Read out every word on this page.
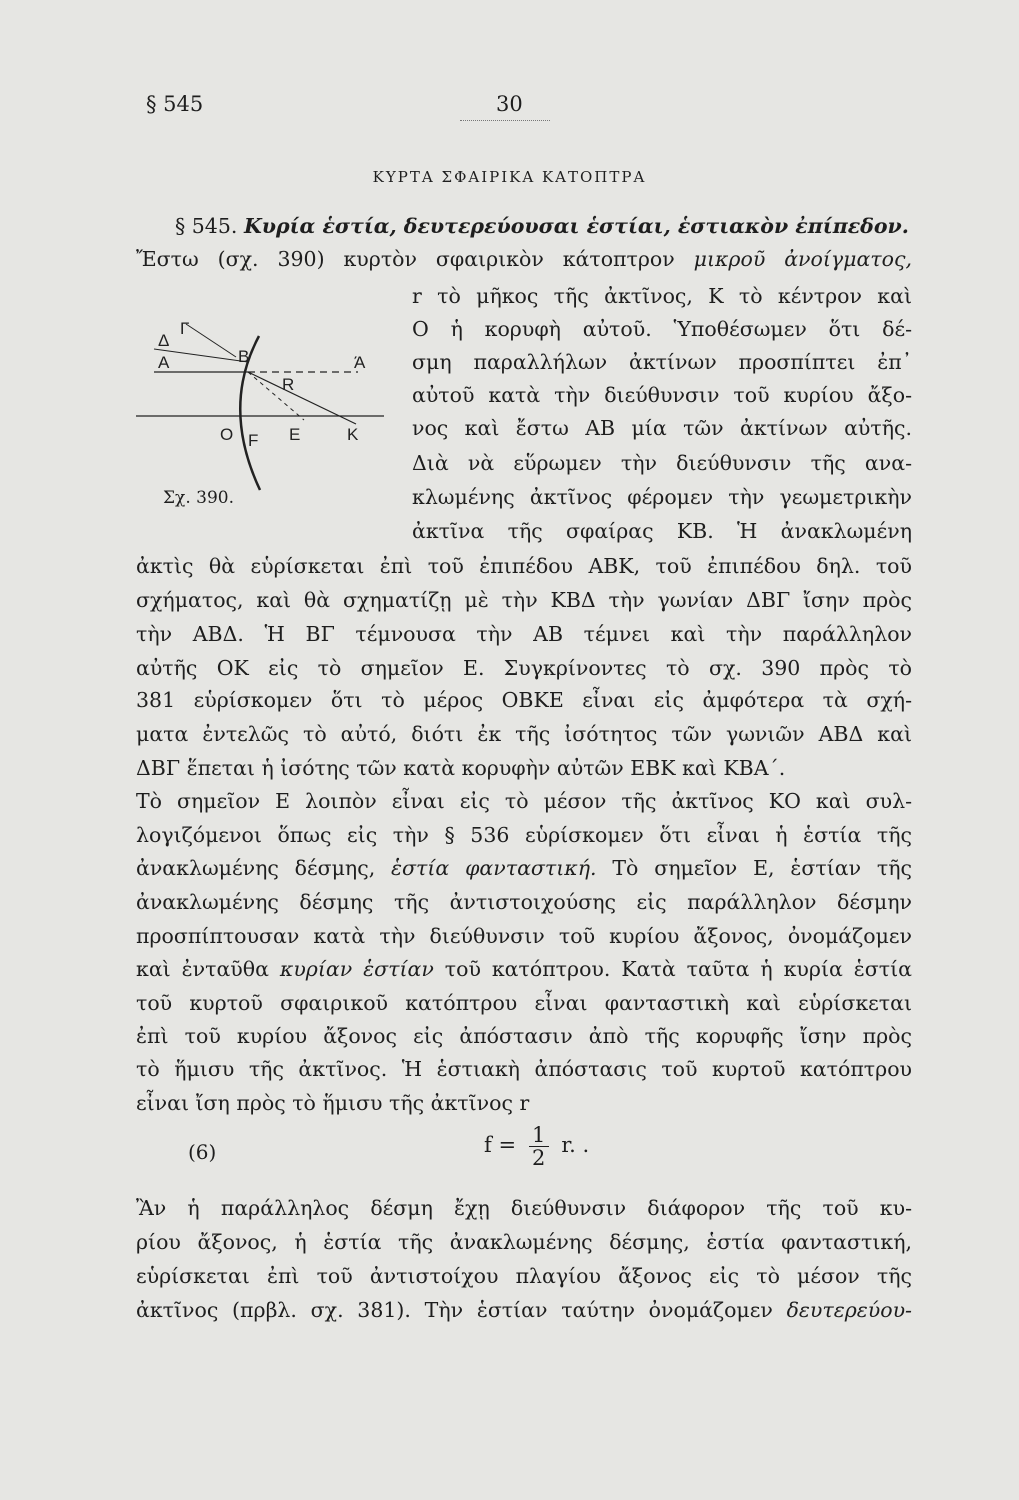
§ 545	30
ΚΥΡΤΑ ΣΦΑΙΡΙΚΑ ΚΑΤΟΠΤΡΑ
§ 545. Κυρία ἑστία, δευτερεύουσαι ἑστίαι, ἑστιακὸν ἐπίπεδον.
Ἔστω (σχ. 390) κυρτὸν σφαιρικὸν κάτοπτρον μικροῦ ἀνοίγματος,
r τὸ μῆκος τῆς ἀκτῖνος, Κ τὸ κέντρον καὶ
Ο ἡ κορυφὴ αὐτοῦ. Ὑποθέσωμεν ὅτι δέ-
σμη παραλλήλων ἀκτίνων προσπίπτει ἐπ᾿
αὐτοῦ κατὰ τὴν διεύθυνσιν τοῦ κυρίου ἄξο-
νος καὶ ἔστω ΑΒ μία τῶν ἀκτίνων αὐτῆς.
Διὰ νὰ εὕρωμεν τὴν διεύθυνσιν τῆς ανα-
κλωμένης ἀκτῖνος φέρομεν τὴν γεωμετρικὴν
ἀκτῖνα τῆς σφαίρας ΚΒ. Ἡ ἀνακλωμένη
Δ
Γ
Α	B	Ά
R
O F E	K
Σχ. 390.
ἀκτὶς θὰ εὑρίσκεται ἐπὶ τοῦ ἐπιπέδου ΑΒΚ, τοῦ ἐπιπέδου δηλ. τοῦ
σχήματος, καὶ θὰ σχηματίζῃ μὲ τὴν ΚΒΔ τὴν γωνίαν ΔΒΓ ἴσην πρὸς
τὴν ΑΒΔ. Ἡ ΒΓ τέμνουσα τὴν ΑΒ τέμνει καὶ τὴν παράλληλον
αὐτῆς ΟΚ εἰς τὸ σημεῖον Ε. Συγκρίνοντες τὸ σχ. 390 πρὸς τὸ
381 εὑρίσκομεν ὅτι τὸ μέρος ΟΒΚΕ εἶναι εἰς ἀμφότερα τὰ σχή-
ματα ἐντελῶς τὸ αὐτό, διότι ἐκ τῆς ἰσότητος τῶν γωνιῶν ΑΒΔ καὶ
ΔΒΓ ἕπεται ἡ ἰσότης τῶν κατὰ κορυφὴν αὐτῶν ΕΒΚ καὶ ΚΒΑ΄.
Τὸ σημεῖον Ε λοιπὸν εἶναι εἰς τὸ μέσον τῆς ἀκτῖνος ΚΟ καὶ συλ-
λογιζόμενοι ὅπως εἰς τὴν § 536 εὑρίσκομεν ὅτι εἶναι ἡ ἑστία τῆς
ἀνακλωμένης δέσμης, ἑστία φανταστική. Τὸ σημεῖον Ε, ἑστίαν τῆς
ἀνακλωμένης δέσμης τῆς ἀντιστοιχούσης εἰς παράλληλον δέσμην
προσπίπτουσαν κατὰ τὴν διεύθυνσιν τοῦ κυρίου ἄξονος, ὀνομάζομεν
καὶ ἐνταῦθα κυρίαν ἑστίαν τοῦ κατόπτρου. Κατὰ ταῦτα ἡ κυρία ἑστία
τοῦ κυρτοῦ σφαιρικοῦ κατόπτρου εἶναι φανταστικὴ καὶ εὑρίσκεται
ἐπὶ τοῦ κυρίου ἄξονος εἰς ἀπόστασιν ἀπὸ τῆς κορυφῆς ἴσην πρὸς
τὸ ἥμισυ τῆς ἀκτῖνος. Ἡ ἑστιακὴ ἀπόστασις τοῦ κυρτοῦ κατόπτρου
εἶναι ἴση πρὸς τὸ ἥμισυ τῆς ἀκτῖνος r
(6)	$f = \frac{1}{2} r$. .
Ἂν ἡ παράλληλος δέσμη ἔχῃ διεύθυνσιν διάφορον τῆς τοῦ κυ-
ρίου ἄξονος, ἡ ἑστία τῆς ἀνακλωμένης δέσμης, ἑστία φανταστική,
εὑρίσκεται ἐπὶ τοῦ ἀντιστοίχου πλαγίου ἄξονος εἰς τὸ μέσον τῆς
ἀκτῖνος (πρβλ. σχ. 381). Τὴν ἑστίαν ταύτην ὀνομάζομεν δευτερεύου-
